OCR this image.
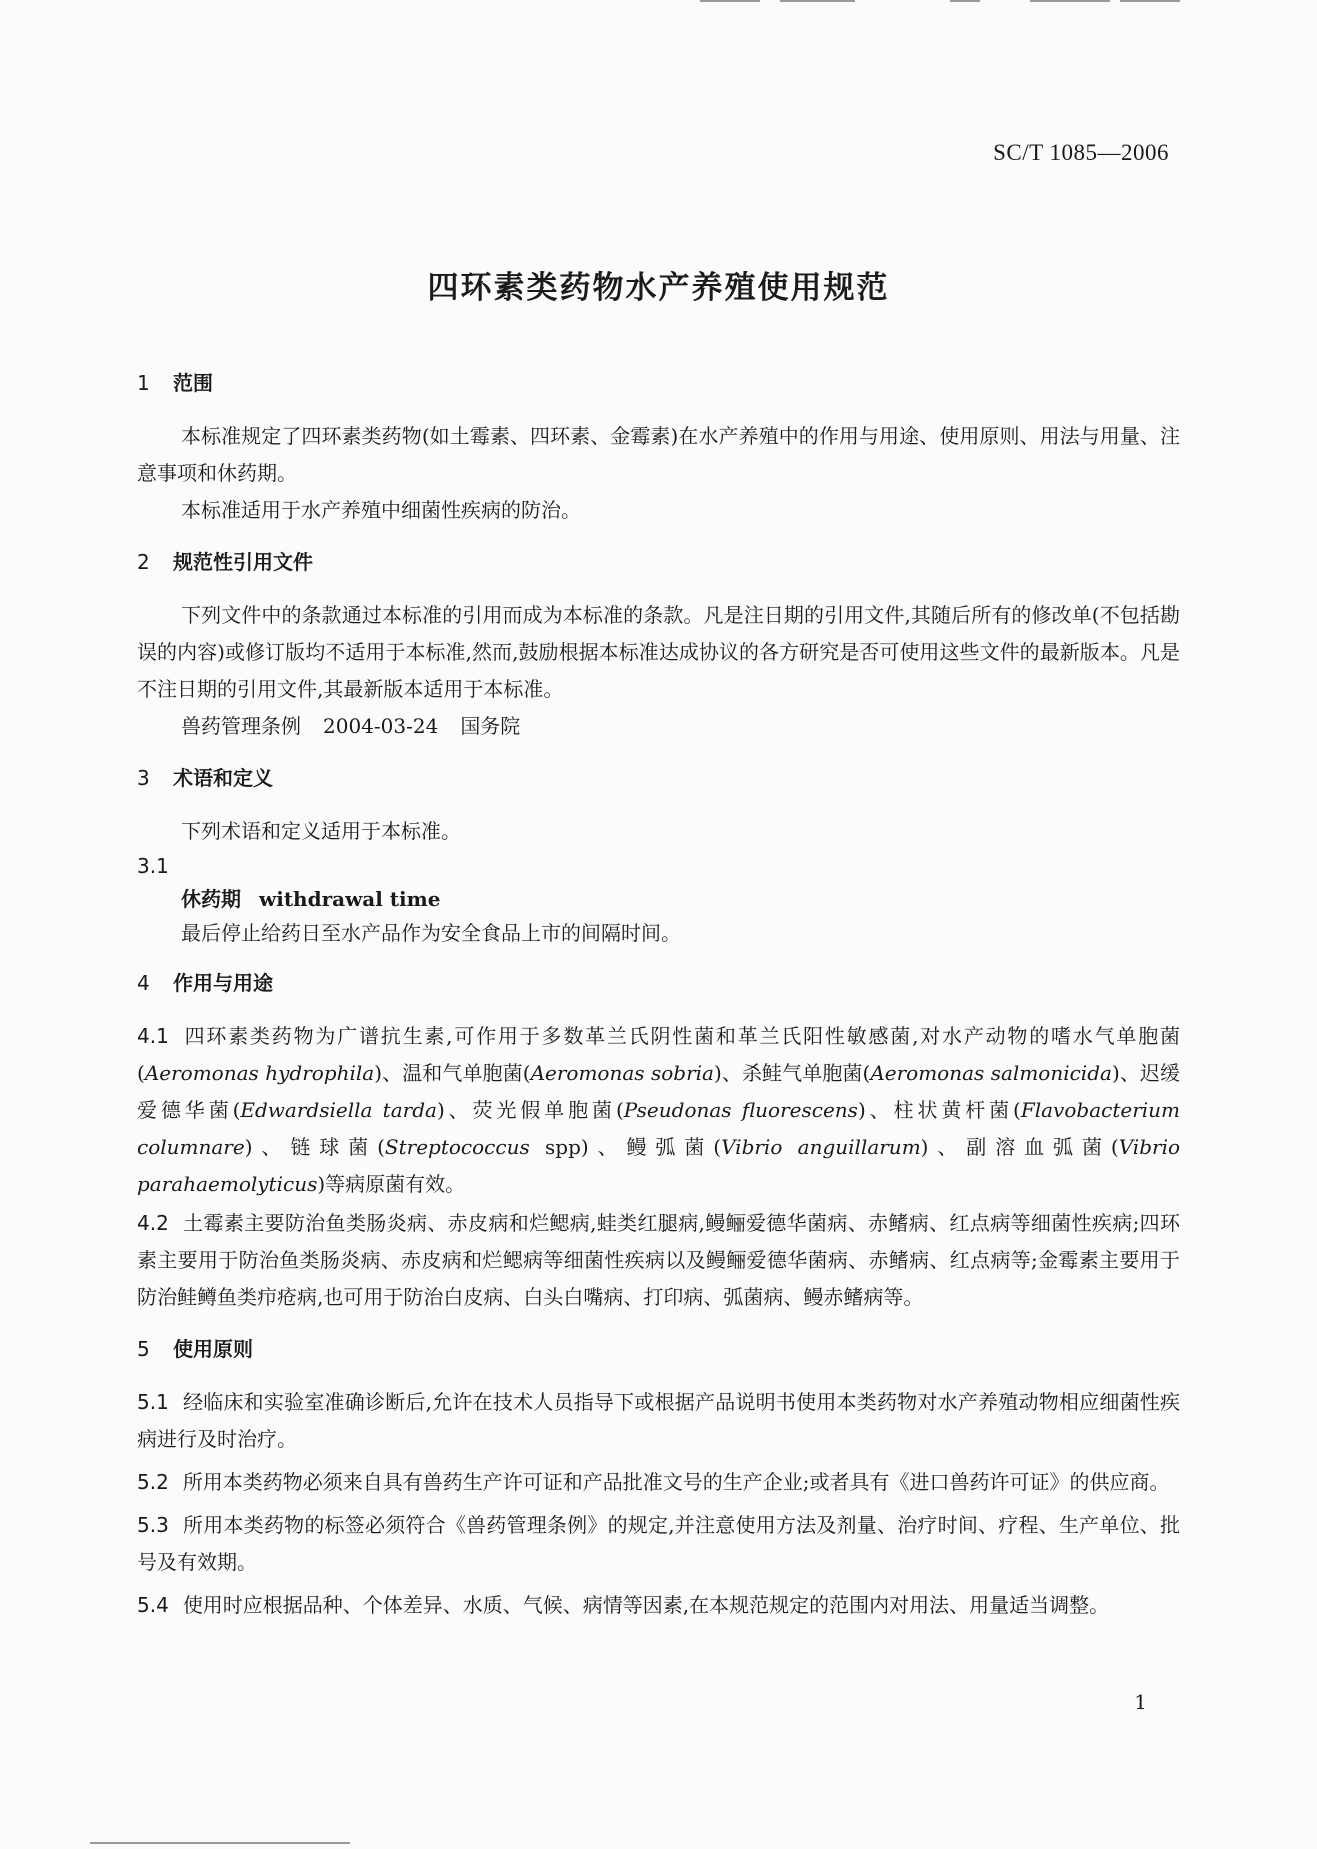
SC/T 1085—2006
四环素类药物水产养殖使用规范
1 范围

本标准规定了四环素类药物(如土霉素、四环素、金霉素)在水产养殖中的作用与用途、使用原则、用法与用量、注意事项和休药期。

本标准适用于水产养殖中细菌性疾病的防治。

2 规范性引用文件

下列文件中的条款通过本标准的引用而成为本标准的条款。凡是注日期的引用文件,其随后所有的修改单(不包括勘误的内容)或修订版均不适用于本标准,然而,鼓励根据本标准达成协议的各方研究是否可使用这些文件的最新版本。凡是不注日期的引用文件,其最新版本适用于本标准。

兽药管理条例 2004-03-24 国务院

3 术语和定义

下列术语和定义适用于本标准。

3.1

休药期 withdrawal time

最后停止给药日至水产品作为安全食品上市的间隔时间。

4 作用与用途

4.1 四环素类药物为广谱抗生素,可作用于多数革兰氏阴性菌和革兰氏阳性敏感菌,对水产动物的嗜水气单胞菌(Aeromonas hydrophila)、温和气单胞菌(Aeromonas sobria)、杀鲑气单胞菌(Aeromonas salmonicida)、迟缓爱德华菌(Edwardsiella tarda)、荧光假单胞菌(Pseudonas fluorescens)、柱状黄杆菌(Flavobacterium columnare)、链球菌(Streptococcus spp)、鳗弧菌(Vibrio anguillarum)、副溶血弧菌(Vibrio parahaemolyticus)等病原菌有效。

4.2 土霉素主要防治鱼类肠炎病、赤皮病和烂鳃病,蛙类红腿病,鳗鲡爱德华菌病、赤鳍病、红点病等细菌性疾病;四环素主要用于防治鱼类肠炎病、赤皮病和烂鳃病等细菌性疾病以及鳗鲡爱德华菌病、赤鳍病、红点病等;金霉素主要用于防治鲑鳟鱼类疖疮病,也可用于防治白皮病、白头白嘴病、打印病、弧菌病、鳗赤鳍病等。

5 使用原则

5.1 经临床和实验室准确诊断后,允许在技术人员指导下或根据产品说明书使用本类药物对水产养殖动物相应细菌性疾病进行及时治疗。

5.2 所用本类药物必须来自具有兽药生产许可证和产品批准文号的生产企业;或者具有《进口兽药许可证》的供应商。

5.3 所用本类药物的标签必须符合《兽药管理条例》的规定,并注意使用方法及剂量、治疗时间、疗程、生产单位、批号及有效期。

5.4 使用时应根据品种、个体差异、水质、气候、病情等因素,在本规范规定的范围内对用法、用量适当调整。

1
